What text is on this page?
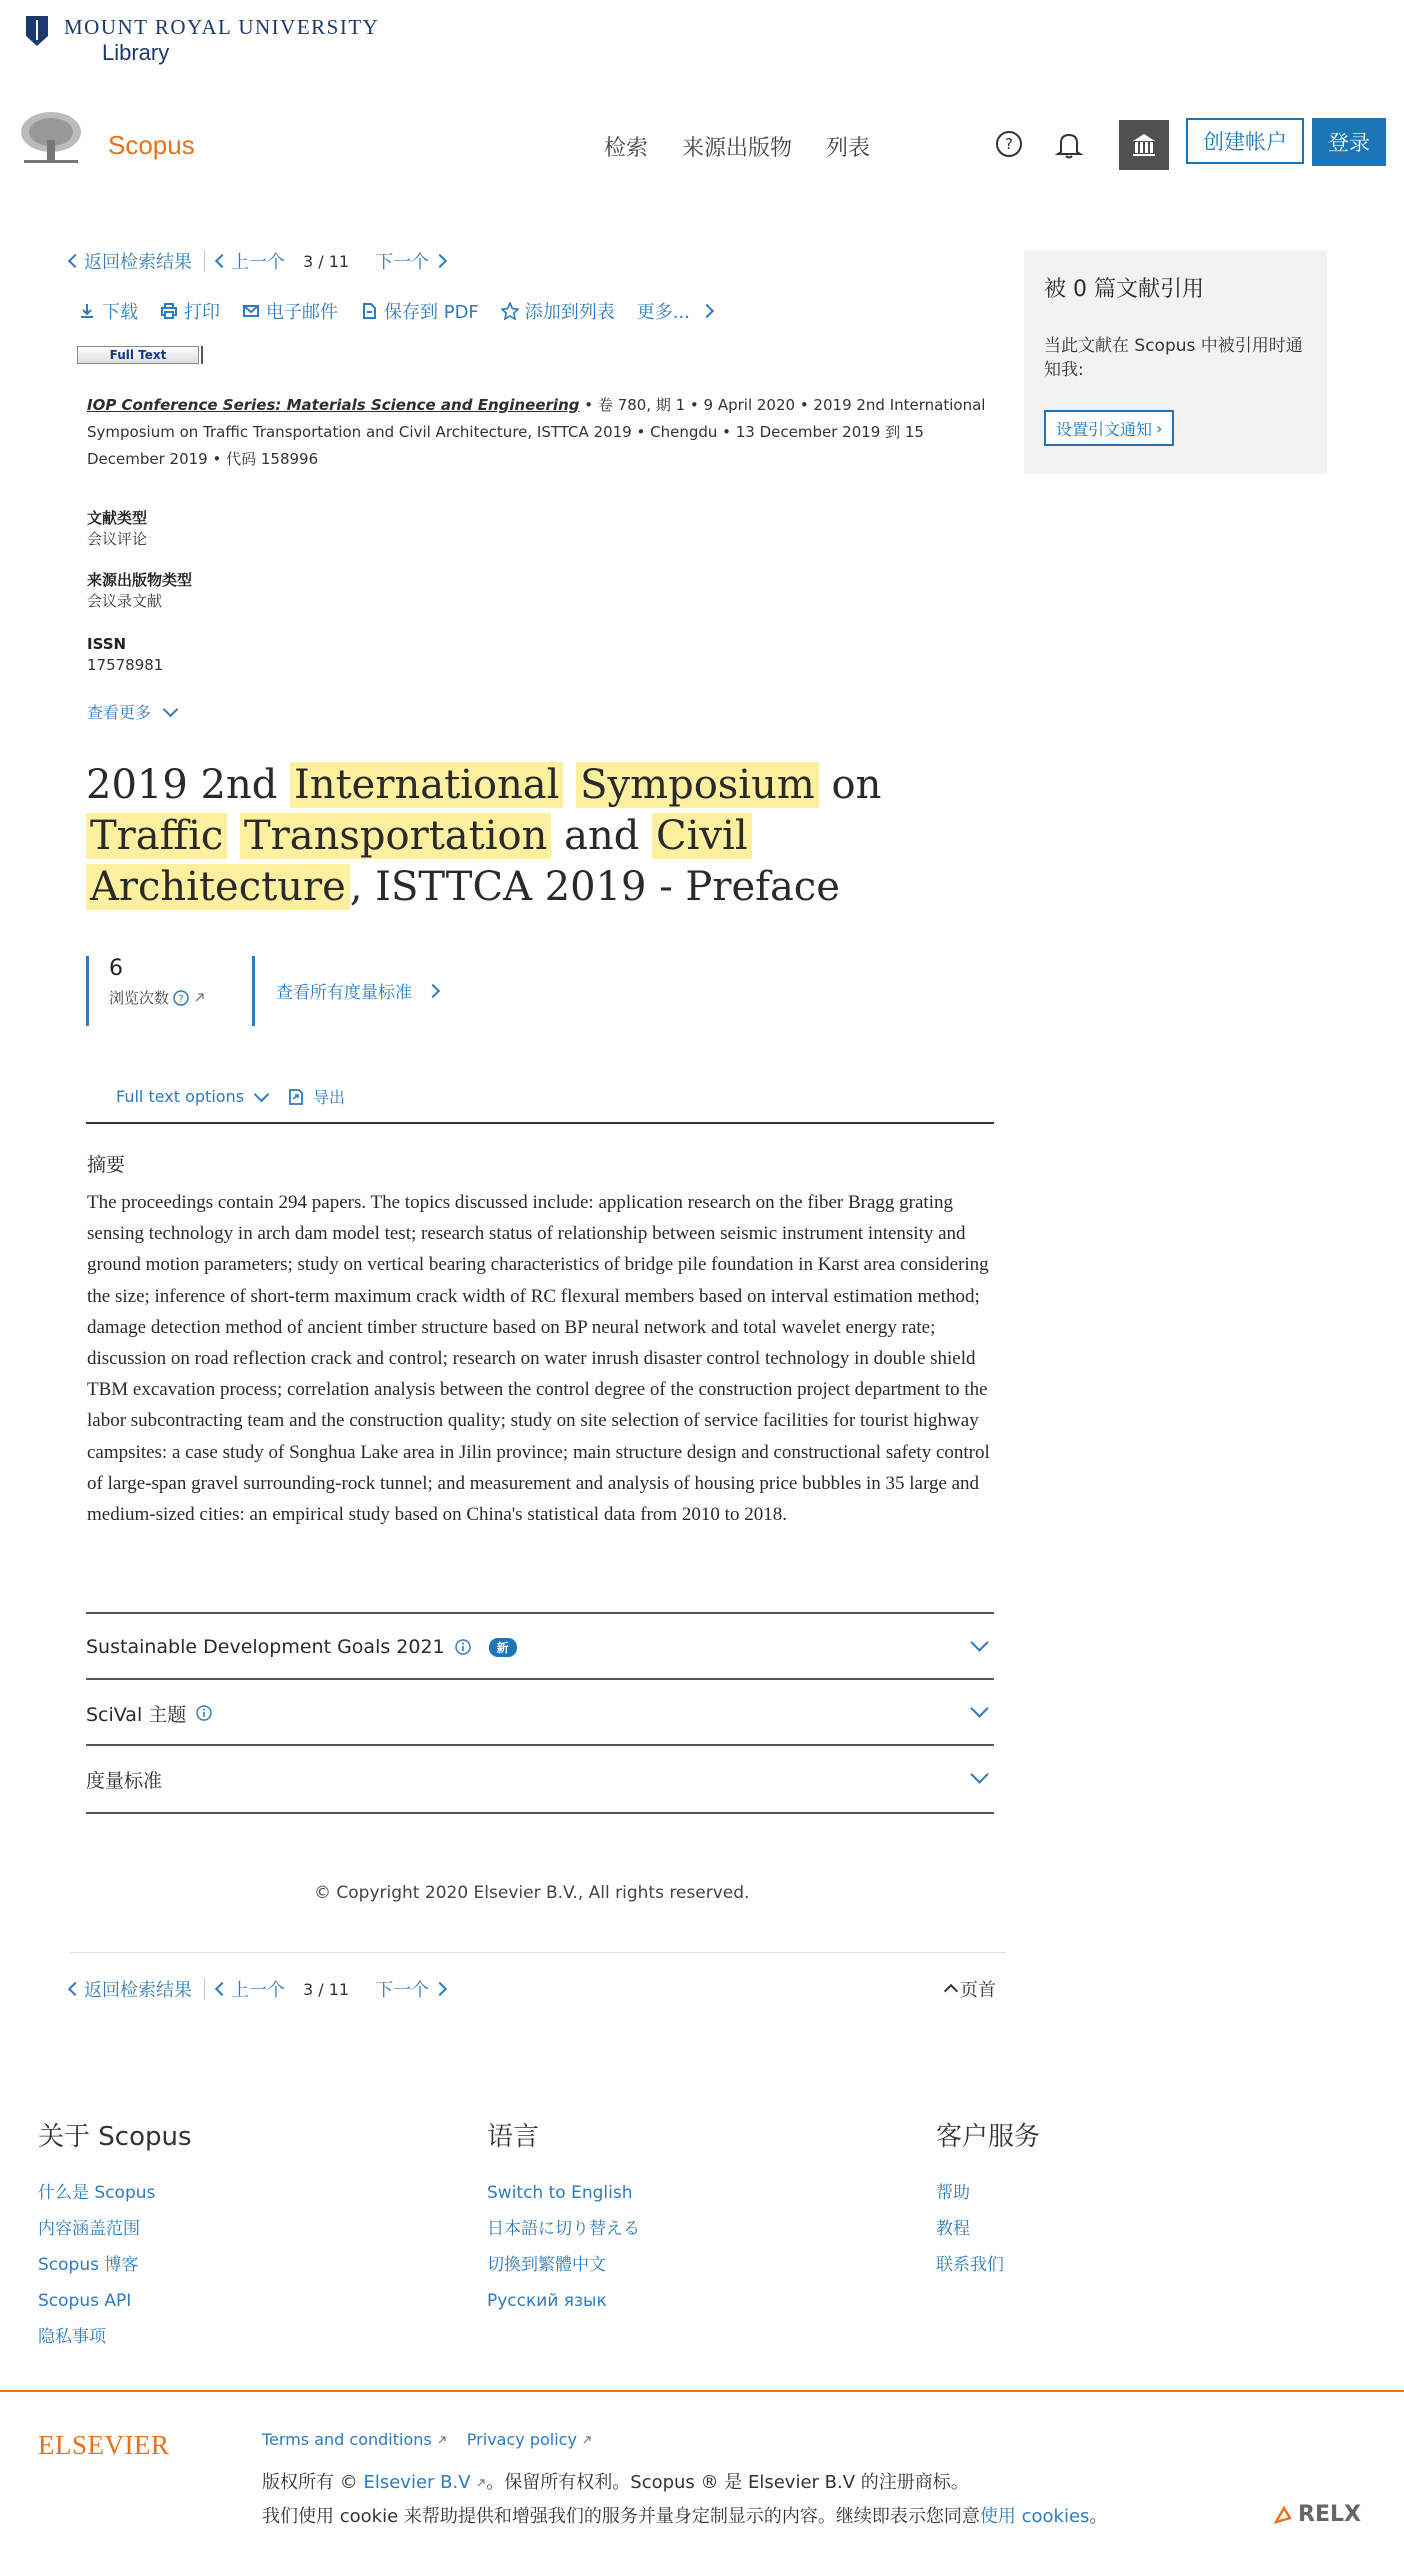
MOUNT ROYAL UNIVERSITY
Library
Scopus	检索 来源出版物 列表	?	创建帐户	登录
返回检索结果 上一个 3 / 11 下一个
下载	打印	电子邮件	保存到 PDF	添加到列表 更多...
Full Text
IOP Conference Series: Materials Science and Engineering • 卷 780, 期 1 • 9 April 2020 • 2019 2nd International Symposium on Traffic Transportation and Civil Architecture, ISTTCA 2019 • Chengdu • 13 December 2019 到 15 December 2019 • 代码 158996
文献类型
会议评论
来源出版物类型
会议录文献
ISSN
17578981
查看更多
2019 2nd International Symposium on Traffic Transportation and Civil Architecture , ISTTCA 2019 - Preface
6
浏览次数 ?	查看所有度量标准
Full text options	导出
摘要
The proceedings contain 294 papers. The topics discussed include: application research on the fiber Bragg grating sensing technology in arch dam model test; research status of relationship between seismic instrument intensity and ground motion parameters; study on vertical bearing characteristics of bridge pile foundation in Karst area considering the size; inference of short-term maximum crack width of RC flexural members based on interval estimation method; damage detection method of ancient timber structure based on BP neural network and total wavelet energy rate; discussion on road reflection crack and control; research on water inrush disaster control technology in double shield TBM excavation process; correlation analysis between the control degree of the construction project department to the labor subcontracting team and the construction quality; study on site selection of service facilities for tourist highway campsites: a case study of Songhua Lake area in Jilin province; main structure design and constructional safety control of large-span gravel surrounding-rock tunnel; and measurement and analysis of housing price bubbles in 35 large and medium-sized cities: an empirical study based on China's statistical data from 2010 to 2018.
Sustainable Development Goals 2021	新
SciVal 主题
度量标准
© Copyright 2020 Elsevier B.V., All rights reserved.
返回检索结果 上一个 3 / 11 下一个	页首
被 0 篇文献引用
当此文献在 Scopus 中被引用时通知我:
设置引文通知 ›
关于 Scopus
什么是 Scopus
内容涵盖范围
Scopus 博客
Scopus API
隐私事项
语言
Switch to English
日本語に切り替える
切換到繁體中文
Русский язык
客户服务
帮助
教程
联系我们
ELSEVIER	Terms and conditions	Privacy policy
版权所有 © Elsevier B.V 。保留所有权利。Scopus ® 是 Elsevier B.V 的注册商标。
我们使用 cookie 来帮助提供和增强我们的服务并量身定制显示的内容。继续即表示您同意使用 cookies。	RELX
